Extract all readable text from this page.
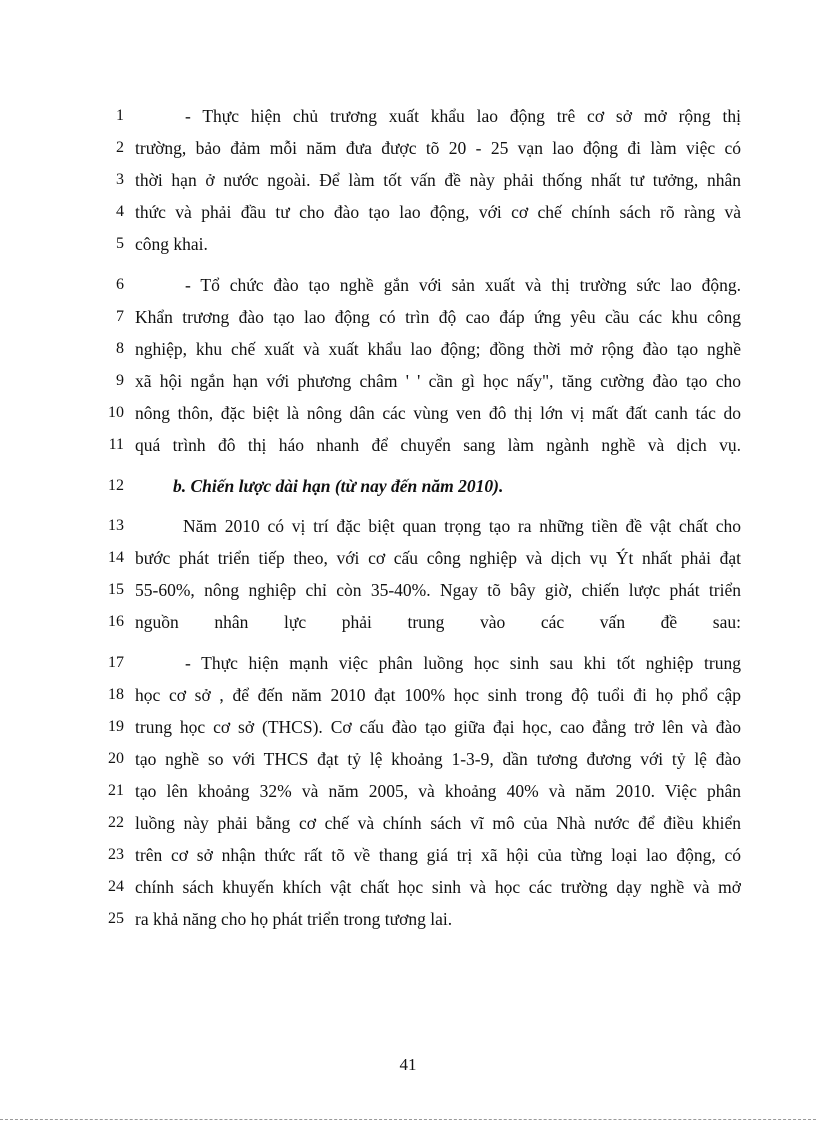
1	- Thực hiện chủ trương xuất khẩu lao động trê cơ sở mở rộng thị
2 trường, bảo đảm mỗi năm đưa được tõ 20 - 25 vạn lao động đi làm việc có
3 thời hạn ở nước ngoài. Để làm tốt vấn đề này phải thống nhất tư tưởng, nhân
4 thức và phải đầu tư cho đào tạo lao động, với cơ chế chính sách rõ ràng và
5 công khai.
6	- Tổ chức đào tạo nghề gắn với sản xuất và thị trường sức lao động.
7 Khẩn trương đào tạo lao động có trìn độ cao đáp ứng yêu cầu các khu công
8 nghiệp, khu chế xuất và xuất khẩu lao động; đồng thời mở rộng đào tạo nghề
9 xã hội ngắn hạn với phương châm ' ' cần gì học nấy", tăng cường đào tạo cho
10 nông thôn, đặc biệt là nông dân các vùng ven đô thị lớn vị mất đất canh tác do
11 quá trình đô thị háo nhanh để chuyển sang làm ngành nghề và dịch vụ.
12	b. Chiến lược dài hạn (từ nay đến năm 2010).
13	Năm 2010 có vị trí đặc biệt quan trọng tạo ra những tiền đề vật chất cho
14 bước phát triển tiếp theo, với cơ cấu công nghiệp và dịch vụ Ýt nhất phải đạt
15 55-60%, nông nghiệp chỉ còn 35-40%. Ngay tõ bây giờ, chiến lược phát triển
16 nguồn nhân lực phải trung vào các vấn đề sau:
17	- Thực hiện mạnh việc phân luồng học sinh sau khi tốt nghiệp trung
18 học cơ sở , để đến năm 2010 đạt 100% học sinh trong độ tuổi đi họ phổ cập
19 trung học cơ sở (THCS). Cơ cấu đào tạo giữa đại học, cao đẳng trở lên và đào
20 tạo nghề so với THCS đạt tỷ lệ khoảng 1-3-9, dần tương đương với tỷ lệ đào
21 tạo lên khoảng 32% và năm 2005, và khoảng 40% và năm 2010. Việc phân
22 luồng này phải bằng cơ chế và chính sách vĩ mô của Nhà nước để điều khiển
23 trên cơ sở nhận thức rất tõ về thang giá trị xã hội của từng loại lao động, có
24 chính sách khuyến khích vật chất học sinh và học các trường dạy nghề và mở
25 ra khả năng cho họ phát triển trong tương lai.
41
